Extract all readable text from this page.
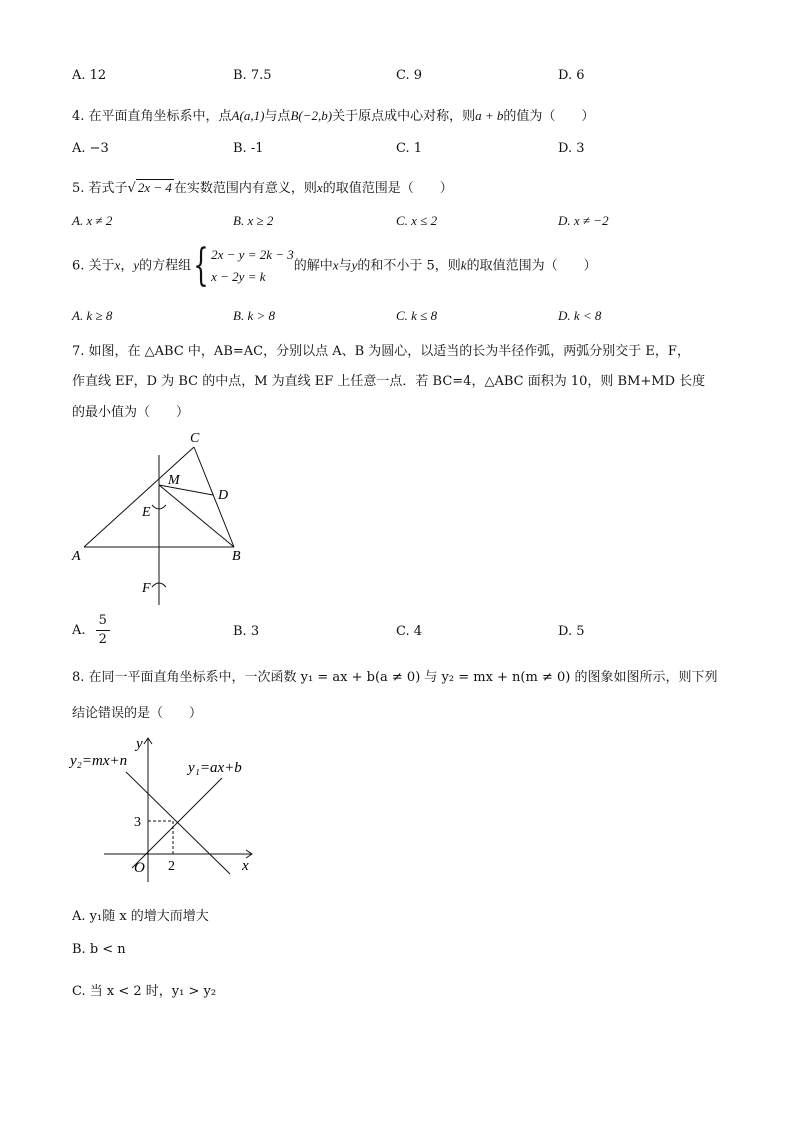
A. 12	B. 7.5	C. 9	D. 6
4. 在平面直角坐标系中，点A(a,1)与点B(−2,b)关于原点成中心对称，则a + b的值为（　　）
A. −3	B. -1	C. 1	D. 3
5. 若式子√ 2x − 4 在实数范围内有意义，则x的取值范围是（　　）
A. x ≠ 2	B. x ≥ 2	C. x ≤ 2	D. x ≠ −2
6. 关于x，y的方程组{ 2x − y = 2k − 3
x − 2y = k
的解中x与y的和不小于 5，则k的取值范围为（　　）
A. k ≥ 8	B. k > 8	C. k ≤ 8	D. k < 8
7. 如图，在 △ABC 中，AB=AC，分别以点 A、B 为圆心，以适当的长为半径作弧，两弧分别交于 E，F，
作直线 EF，D 为 BC 的中点，M 为直线 EF 上任意一点．若 BC=4，△ABC 面积为 10，则 BM+MD 长度
的最小值为（　　）
C
M
D
E
A	B
F
A. $\frac{5}{2}$	B. 3	C. 4	D. 5
8. 在同一平面直角坐标系中，一次函数 y₁ = ax + b(a ≠ 0) 与 y₂ = mx + n(m ≠ 0) 的图象如图所示，则下列
结论错误的是（　　）
y
x
O
y₂=mx+n	y₁=ax+b
3
2
A. y₁随 x 的增大而增大
B. b < n
C. 当 x < 2 时，y₁ > y₂
